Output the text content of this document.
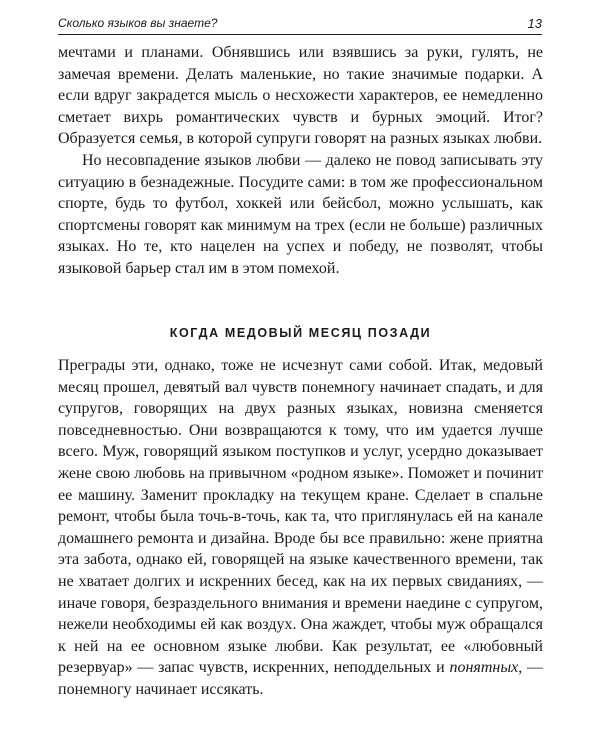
Сколько языков вы знаете?	13

мечтами и планами. Обнявшись или взявшись за руки, гулять, не замечая времени. Делать маленькие, но такие значимые подарки. А если вдруг закрадется мысль о несхожести характеров, ее немедленно сметает вихрь романтических чувств и бурных эмоций. Итог? Образуется семья, в которой супруги говорят на разных языках любви.

Но несовпадение языков любви — далеко не повод записывать эту ситуацию в безнадежные. Посудите сами: в том же профессиональном спорте, будь то футбол, хоккей или бейсбол, можно услышать, как спортсмены говорят как минимум на трех (если не больше) различных языках. Но те, кто нацелен на успех и победу, не позволят, чтобы языковой барьер стал им в этом помехой.

КОГДА МЕДОВЫЙ МЕСЯЦ ПОЗАДИ

Преграды эти, однако, тоже не исчезнут сами собой. Итак, медовый месяц прошел, девятый вал чувств понемногу начинает спадать, и для супругов, говорящих на двух разных языках, новизна сменяется повседневностью. Они возвращаются к тому, что им удается лучше всего. Муж, говорящий языком поступков и услуг, усердно доказывает жене свою любовь на привычном «родном языке». Поможет и починит ее машину. Заменит прокладку на текущем кране. Сделает в спальне ремонт, чтобы была точь-в-точь, как та, что приглянулась ей на канале домашнего ремонта и дизайна. Вроде бы все правильно: жене приятна эта забота, однако ей, говорящей на языке качественного времени, так не хватает долгих и искренних бесед, как на их первых свиданиях, — иначе говоря, безраздельного внимания и времени наедине с супругом, нежели необходимы ей как воздух. Она жаждет, чтобы муж обращался к ней на ее основном языке любви. Как результат, ее «любовный резервуар» — запас чувств, искренних, неподдельных и понятных, — понемногу начинает иссякать.
